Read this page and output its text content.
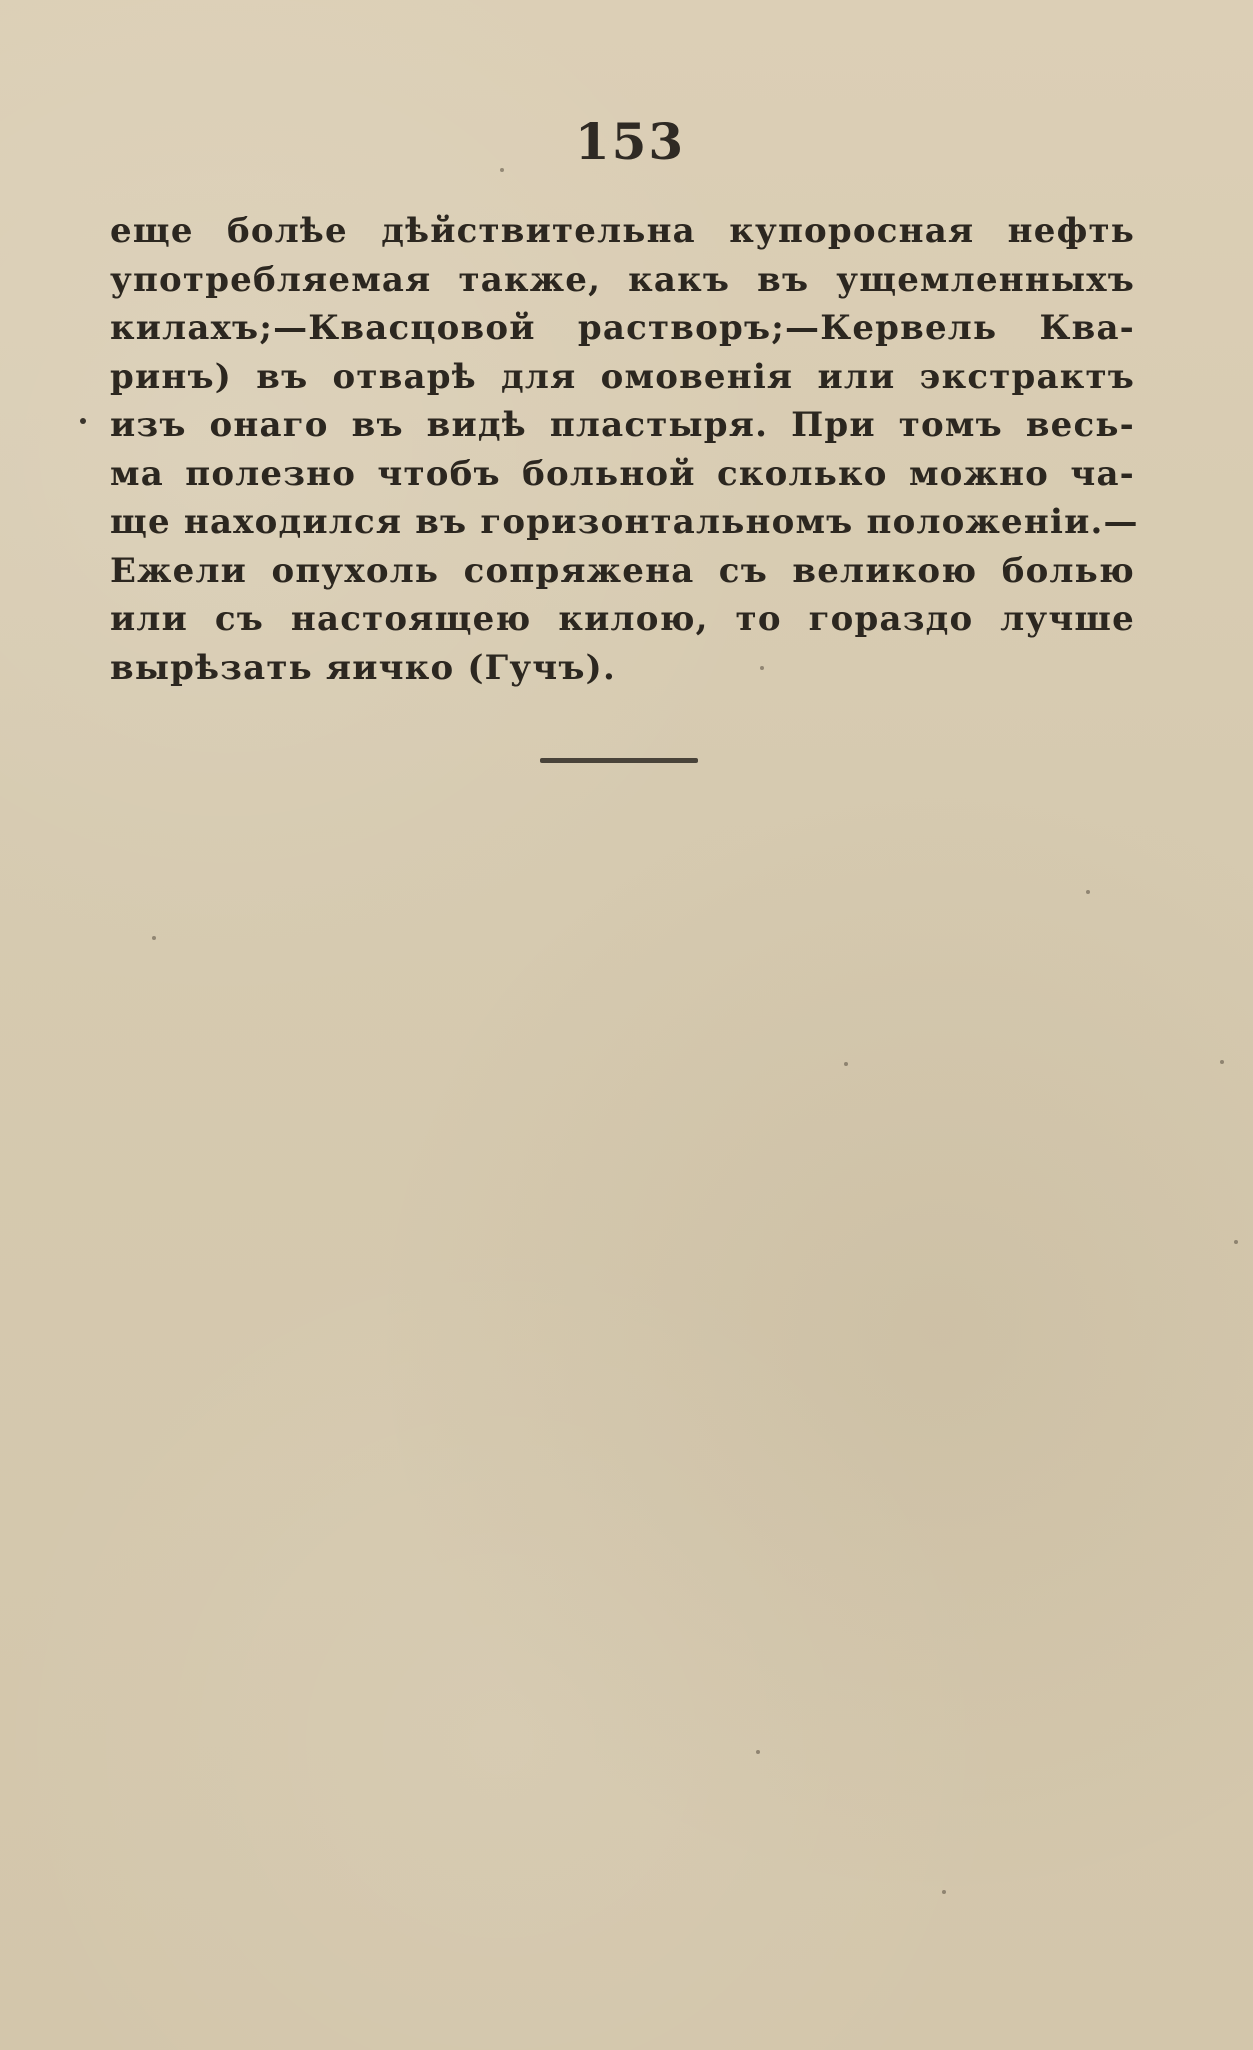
153
еще болѣе дѣйствительна купоросная нефть
употребляемая также, какъ въ ущемленныхъ
килахъ;—Квасцовой растворъ;—Кервель Ква-
ринъ) въ отварѣ для омовенія или экстрактъ
изъ онаго въ видѣ пластыря. При томъ весь-
ма полезно чтобъ больной сколько можно ча-
ще находился въ горизонтальномъ положеніи.—
Ежели опухоль сопряжена съ великою болью
или съ настоящею килою, то гораздо лучше
вырѣзать яичко (Гучъ).
